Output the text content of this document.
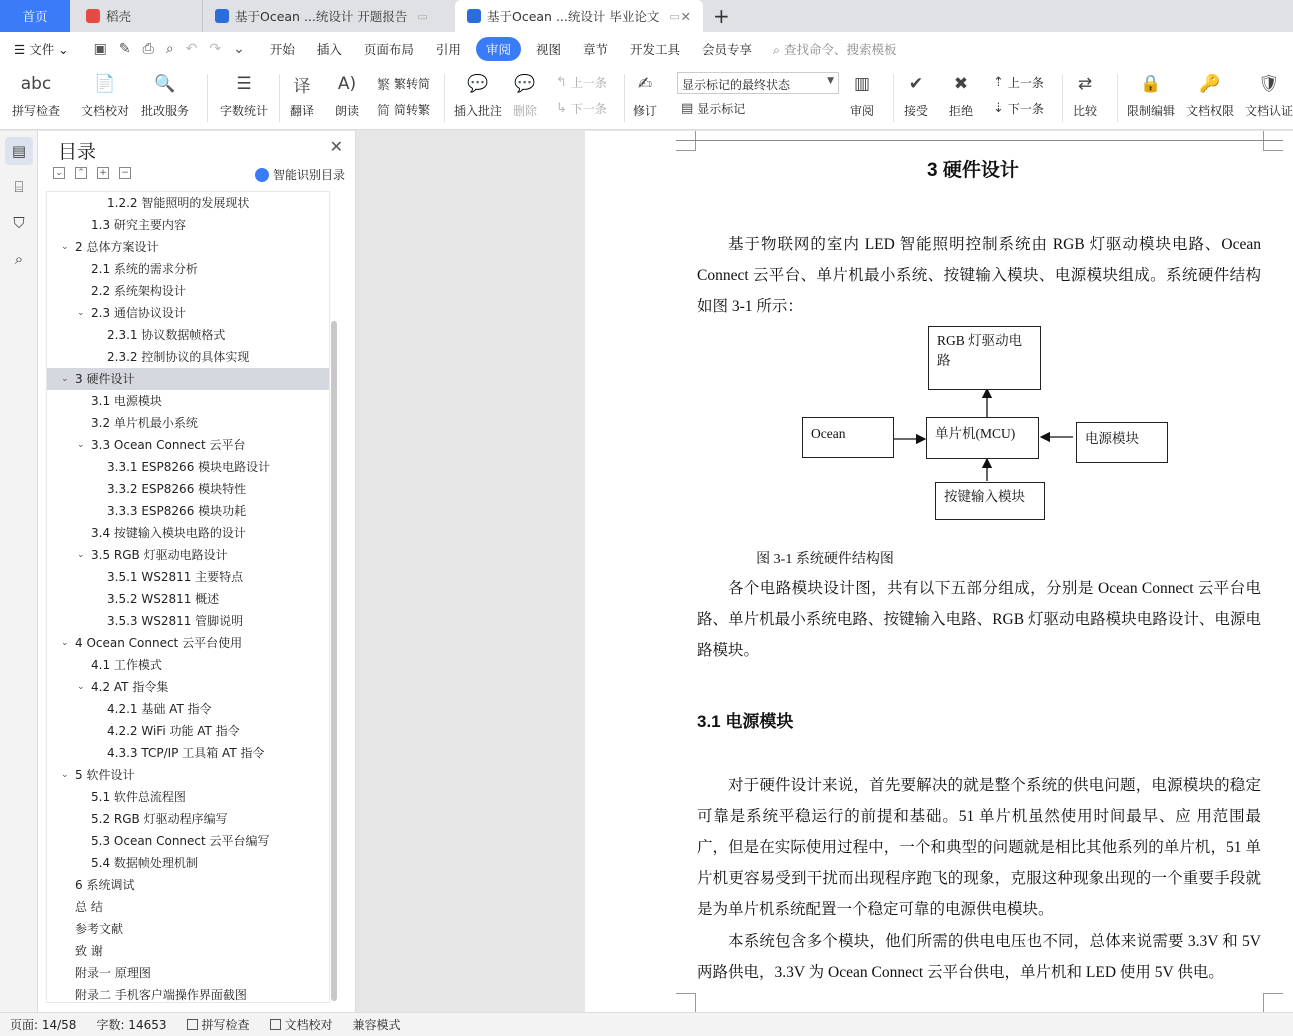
首页	稻壳	基于Ocean ...统设计 开题报告 ▭	基于Ocean ...统设计 毕业论文 ▭ ✕ +
☰ 文件 ⌄	▣ ✎ ⎙ ⌕ ↶ ↷ ⌄	开始	插入	页面布局	引用	审阅	视图	章节	开发工具	会员专享	⌕ 查找命令、搜索模板
abc
拼写检查
📄
文档校对
🔍
批改服务
☰
字数统计
译
翻译
A)
朗读
繁 繁转简
简 简转繁
💬
插入批注
💬
删除
↰ 上一条
↳ 下一条
✍
修订
显示标记的最终状态	▼
▤ 显示标记
▥
审阅
✔
接受
✖
拒绝
⇡ 上一条
⇣ 下一条
⇄
比较
🔒
限制编辑
🔑
文档权限
🛡
文档认证
▤
⌸
⛉
⌕
目录	✕
⌄ ⌃ + −	智能识别目录
1.2.2 智能照明的发展现状
1.3 研究主要内容
⌄ 2 总体方案设计
2.1 系统的需求分析
2.2 系统架构设计
⌄ 2.3 通信协议设计
2.3.1 协议数据帧格式
2.3.2 控制协议的具体实现
⌄ 3 硬件设计
3.1 电源模块
3.2 单片机最小系统
⌄ 3.3 Ocean Connect 云平台
3.3.1 ESP8266 模块电路设计
3.3.2 ESP8266 模块特性
3.3.3 ESP8266 模块功耗
3.4 按键输入模块电路的设计
⌄ 3.5 RGB 灯驱动电路设计
3.5.1 WS2811 主要特点
3.5.2 WS2811 概述
3.5.3 WS2811 管脚说明
⌄ 4 Ocean Connect 云平台使用
4.1 工作模式
⌄ 4.2 AT 指令集
4.2.1 基础 AT 指令
4.2.2 WiFi 功能 AT 指令
4.3.3 TCP/IP 工具箱 AT 指令
⌄ 5 软件设计
5.1 软件总流程图
5.2 RGB 灯驱动程序编写
5.3 Ocean Connect 云平台编写
5.4 数据帧处理机制
6 系统调试
总 结
参考文献
致 谢
附录一 原理图
附录二 手机客户端操作界面截图
3 硬件设计
基于物联网的室内 LED 智能照明控制系统由 RGB 灯驱动模块电路、Ocean Connect 云平台、单片机最小系统、按键输入模块、电源模块组成。系统硬件结构如图 3-1 所示：
RGB 灯驱动电路
单片机(MCU)
Ocean	电源模块
按键输入模块
图 3-1 系统硬件结构图
各个电路模块设计图，共有以下五部分组成，分别是 Ocean Connect 云平台电路、单片机最小系统电路、按键输入电路、RGB 灯驱动电路模块电路设计、电源电路模块。
3.1 电源模块
对于硬件设计来说，首先要解决的就是整个系统的供电问题，电源模块的稳定可靠是系统平稳运行的前提和基础。51 单片机虽然使用时间最早、应 用范围最广，但是在实际使用过程中，一个和典型的问题就是相比其他系列的单片机，51 单片机更容易受到干扰而出现程序跑飞的现象，克服这种现象出现的一个重要手段就是为单片机系统配置一个稳定可靠的电源供电模块。
本系统包含多个模块，他们所需的供电电压也不同，总体来说需要 3.3V 和 5V 两路供电，3.3V 为 Ocean Connect 云平台供电，单片机和 LED 使用 5V 供电。
页面: 14/58	字数: 14653	拼写检查	文档校对	兼容模式
